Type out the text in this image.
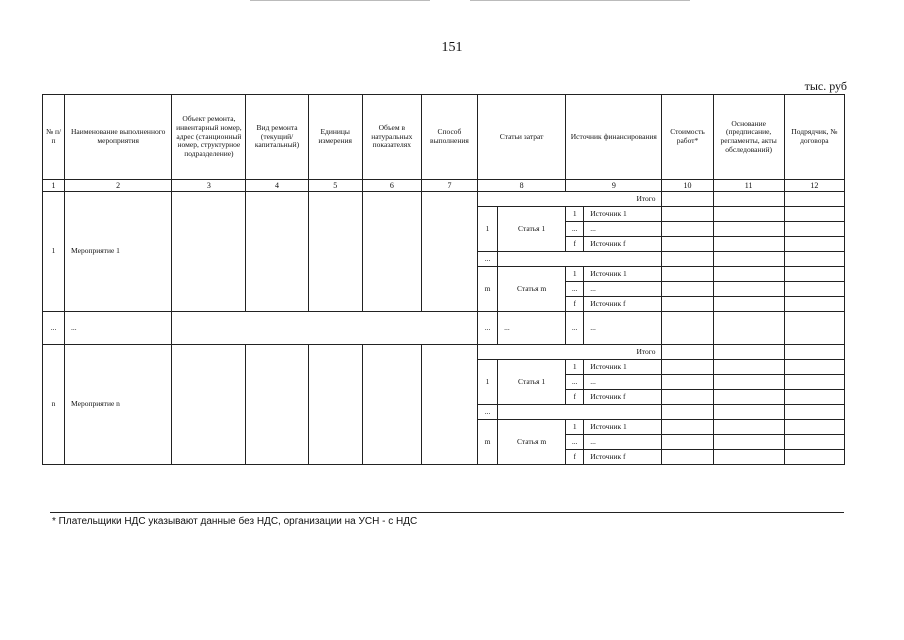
151
тыс. руб
№ п/п	Наименование выполненного мероприятия	Объект ремонта, инвентарный номер, адрес (станционный номер, структурное подразделение)	Вид ремонта (текущий/ капитальный)	Единицы измерения	Объем в натуральных показателях	Способ выполнения	Статьи затрат		Источник финансирования		Стоимость работ*	Основание (предписание, регламенты, акты обследований)	Подрядчик, № договора
1	2	3	4	5	6	7	8		9		10	11	12
1	Мероприятие 1						Итого						
							1	Статья 1	1	Источник 1			
									...	...			
									f	Источник f			
							...						
							m	Статья m	1	Источник 1			
									...	...			
									f	Источник f			
...	...						...	...	...	...			
n	Мероприятие n						Итого						
							1	Статья 1	1	Источник 1			
									...	...			
									f	Источник f			
							...						
							m	Статья m	1	Источник 1			
									...	...			
									f	Источник f			
* Плательщики НДС указывают данные без НДС, организации на УСН - с НДС
